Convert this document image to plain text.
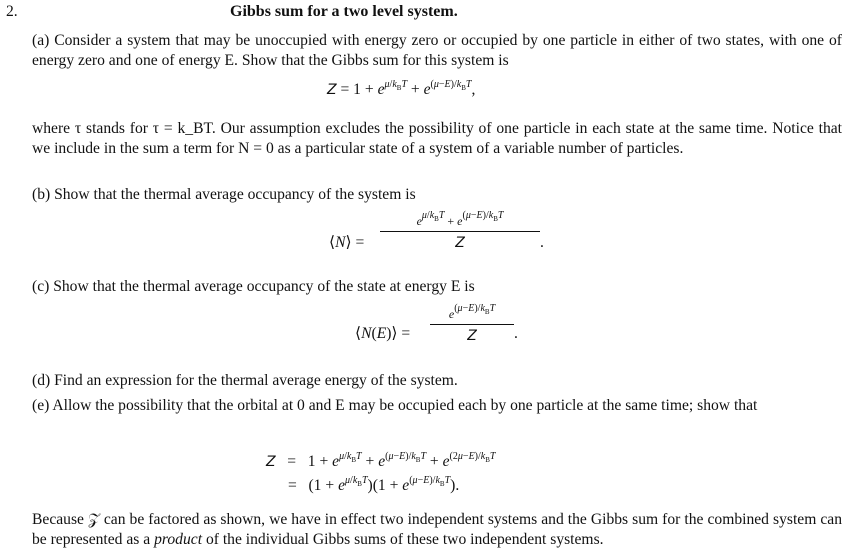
2.	Gibbs sum for a two level system.
(a) Consider a system that may be unoccupied with energy zero or occupied by one particle in either of two states, with one of energy zero and one of energy E. Show that the Gibbs sum for this system is
$Z = 1 + e^{\mu/k_BT} + e^{(\mu-E)/k_BT}$,
where τ stands for τ = k_BT. Our assumption excludes the possibility of one particle in each state at the same time. Notice that we include in the sum a term for N = 0 as a particular state of a system of a variable number of particles.
(b) Show that the thermal average occupancy of the system is
⟨N⟩ =
$e^{\mu/k_BT} + e^{(\mu-E)/k_BT}$
Z	.
(c) Show that the thermal average occupancy of the state at energy E is
⟨N(E)⟩ =
$e^{(\mu-E)/k_BT}$
Z	.
(d) Find an expression for the thermal average energy of the system.
(e) Allow the possibility that the orbital at 0 and E may be occupied each by one particle at the same time; show that
$Z = 1 + e^{\mu/k_BT} + e^{(\mu-E)/k_BT} + e^{(2\mu-E)/k_BT}$
=   $(1 + e^{\mu/k_BT})(1 + e^{(\mu-E)/k_BT})$.
Because 𝒵 can be factored as shown, we have in effect two independent systems and the Gibbs sum for the combined system can be represented as a product of the individual Gibbs sums of these two independent systems.
